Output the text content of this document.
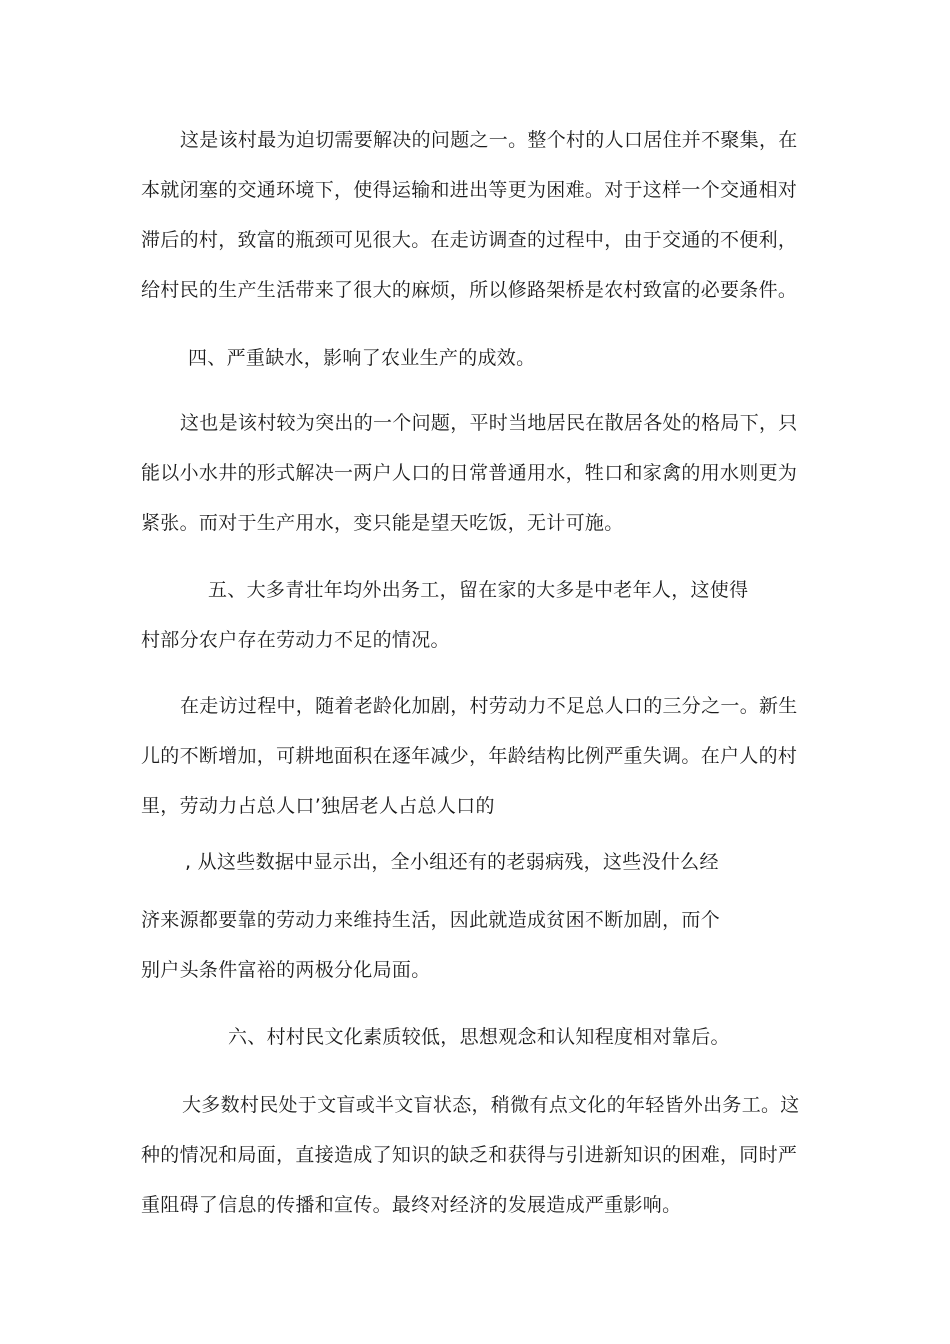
这是该村最为迫切需要解决的问题之一。整个村的人口居住并不聚集，在
本就闭塞的交通环境下，使得运输和进出等更为困难。对于这样一个交通相对
滞后的村，致富的瓶颈可见很大。在走访调查的过程中，由于交通的不便利，
给村民的生产生活带来了很大的麻烦，所以修路架桥是农村致富的必要条件。
四、严重缺水，影响了农业生产的成效。
这也是该村较为突出的一个问题，平时当地居民在散居各处的格局下，只
能以小水井的形式解决一两户人口的日常普通用水，牲口和家禽的用水则更为
紧张。而对于生产用水，变只能是望天吃饭，无计可施。
五、大多青壮年均外出务工，留在家的大多是中老年人，这使得
村部分农户存在劳动力不足的情况。
在走访过程中，随着老龄化加剧，村劳动力不足总人口的三分之一。新生
儿的不断增加，可耕地面积在逐年减少，年龄结构比例严重失调。在户人的村
里，劳动力占总人口’独居老人占总人口的
, 从这些数据中显示出，全小组还有的老弱病残，这些没什么经
济来源都要靠的劳动力来维持生活，因此就造成贫困不断加剧，而个
别户头条件富裕的两极分化局面。
六、村村民文化素质较低，思想观念和认知程度相对靠后。
大多数村民处于文盲或半文盲状态，稍微有点文化的年轻皆外出务工。这
种的情况和局面，直接造成了知识的缺乏和获得与引进新知识的困难，同时严
重阻碍了信息的传播和宣传。最终对经济的发展造成严重影响。
